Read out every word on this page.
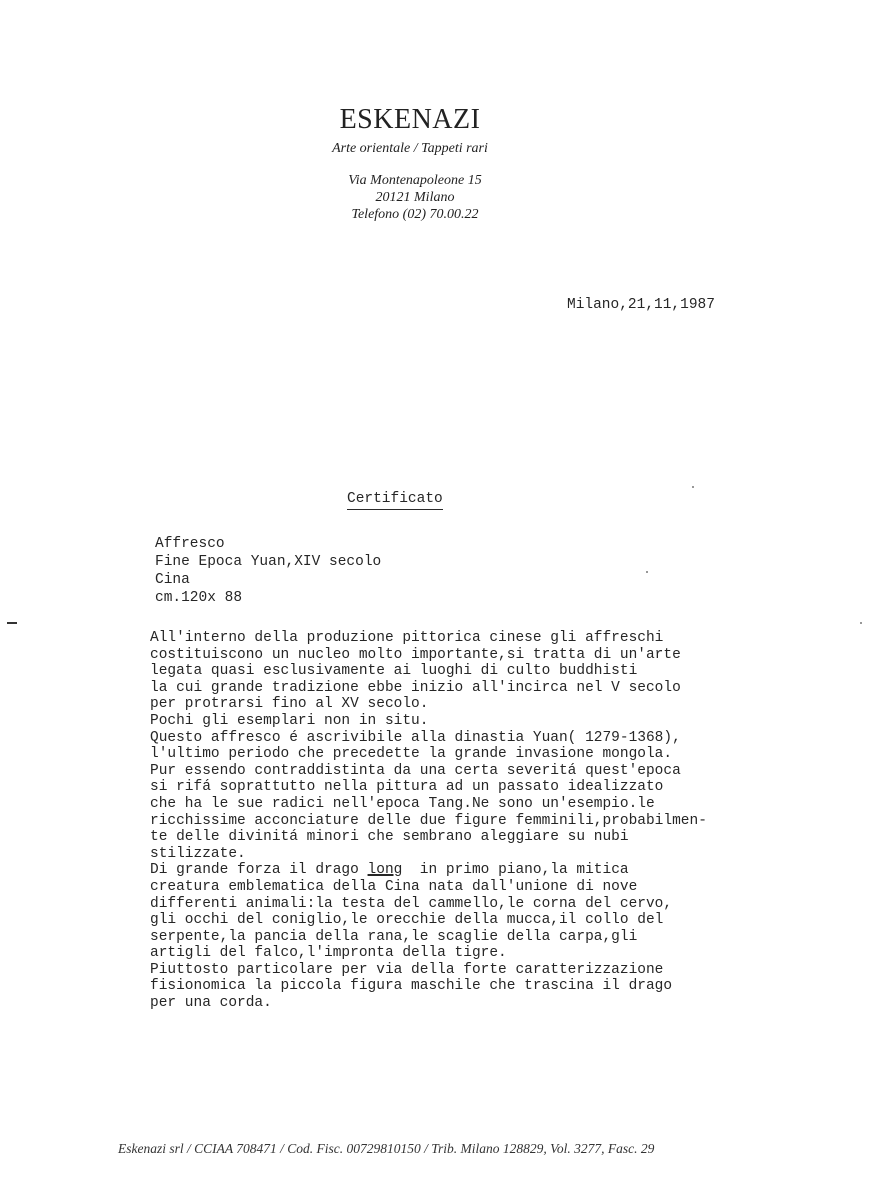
ESKENAZI
Arte orientale / Tappeti rari
Via Montenapoleone 15
20121 Milano
Telefono (02) 70.00.22
Milano,21,11,1987
Certificato
Affresco
Fine Epoca Yuan,XIV secolo
Cina
cm.120x 88
All'interno della produzione pittorica cinese gli affreschi
costituiscono un nucleo molto importante,si tratta di un'arte
legata quasi esclusivamente ai luoghi di culto buddhisti
la cui grande tradizione ebbe inizio all'incirca nel V secolo
per protrarsi fino al XV secolo.
Pochi gli esemplari non in situ.
Questo affresco é ascrivibile alla dinastia Yuan( 1279-1368),
l'ultimo periodo che precedette la grande invasione mongola.
Pur essendo contraddistinta da una certa severitá quest'epoca
si rifá soprattutto nella pittura ad un passato idealizzato
che ha le sue radici nell'epoca Tang.Ne sono un'esempio.le
ricchissime acconciature delle due figure femminili,probabilmen-
te delle divinitá minori che sembrano aleggiare su nubi
stilizzate.
Di grande forza il drago long  in primo piano,la mitica
creatura emblematica della Cina nata dall'unione di nove
differenti animali:la testa del cammello,le corna del cervo,
gli occhi del coniglio,le orecchie della mucca,il collo del
serpente,la pancia della rana,le scaglie della carpa,gli
artigli del falco,l'impronta della tigre.
Piuttosto particolare per via della forte caratterizzazione
fisionomica la piccola figura maschile che trascina il drago
per una corda.
Eskenazi srl / CCIAA 708471 / Cod. Fisc. 00729810150 / Trib. Milano 128829, Vol. 3277, Fasc. 29
